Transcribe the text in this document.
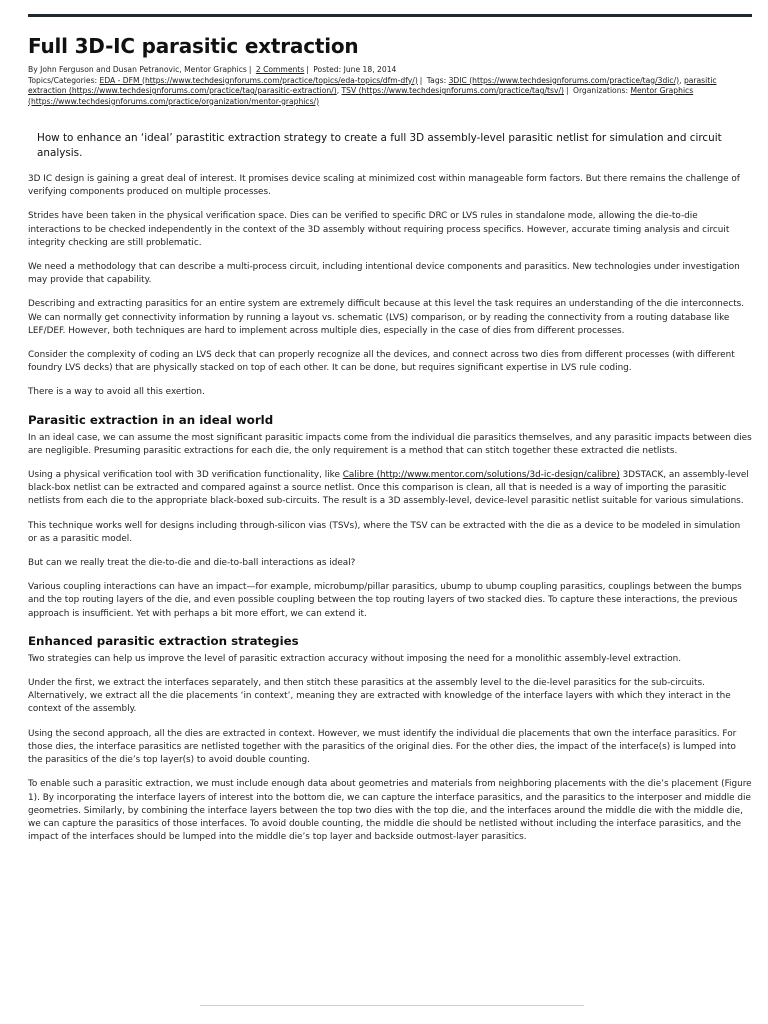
Full 3D-IC parasitic extraction
By John Ferguson and Dusan Petranovic, Mentor Graphics | 2 Comments | Posted: June 18, 2014
Topics/Categories: EDA - DFM (https://www.techdesignforums.com/practice/topics/eda-topics/dfm-dfy/) | Tags: 3DIC (https://www.techdesignforums.com/practice/tag/3dic/), parasitic extraction (https://www.techdesignforums.com/practice/tag/parasitic-extraction/), TSV (https://www.techdesignforums.com/practice/tag/tsv/) | Organizations: Mentor Graphics (https://www.techdesignforums.com/practice/organization/mentor-graphics/)
How to enhance an ‘ideal’ parastitic extraction strategy to create a full 3D assembly-level parasitic netlist for simulation and circuit analysis.

3D IC design is gaining a great deal of interest. It promises device scaling at minimized cost within manageable form factors. But there remains the challenge of verifying components produced on multiple processes.

Strides have been taken in the physical verification space. Dies can be verified to specific DRC or LVS rules in standalone mode, allowing the die-to-die interactions to be checked independently in the context of the 3D assembly without requiring process specifics. However, accurate timing analysis and circuit integrity checking are still problematic.

We need a methodology that can describe a multi-process circuit, including intentional device components and parasitics. New technologies under investigation may provide that capability.

Describing and extracting parasitics for an entire system are extremely difficult because at this level the task requires an understanding of the die interconnects. We can normally get connectivity information by running a layout vs. schematic (LVS) comparison, or by reading the connectivity from a routing database like LEF/DEF. However, both techniques are hard to implement across multiple dies, especially in the case of dies from different processes.

Consider the complexity of coding an LVS deck that can properly recognize all the devices, and connect across two dies from different processes (with different foundry LVS decks) that are physically stacked on top of each other. It can be done, but requires significant expertise in LVS rule coding.

There is a way to avoid all this exertion.

Parasitic extraction in an ideal world

In an ideal case, we can assume the most significant parasitic impacts come from the individual die parasitics themselves, and any parasitic impacts between dies are negligible. Presuming parasitic extractions for each die, the only requirement is a method that can stitch together these extracted die netlists.

Using a physical verification tool with 3D verification functionality, like Calibre (http://www.mentor.com/solutions/3d-ic-design/calibre) 3DSTACK, an assembly-level black-box netlist can be extracted and compared against a source netlist. Once this comparison is clean, all that is needed is a way of importing the parasitic netlists from each die to the appropriate black-boxed sub-circuits. The result is a 3D assembly-level, device-level parasitic netlist suitable for various simulations.

This technique works well for designs including through-silicon vias (TSVs), where the TSV can be extracted with the die as a device to be modeled in simulation or as a parasitic model.

But can we really treat the die-to-die and die-to-ball interactions as ideal?

Various coupling interactions can have an impact—for example, microbump/pillar parasitics, ubump to ubump coupling parasitics, couplings between the bumps and the top routing layers of the die, and even possible coupling between the top routing layers of two stacked dies. To capture these interactions, the previous approach is insufficient. Yet with perhaps a bit more effort, we can extend it.

Enhanced parasitic extraction strategies

Two strategies can help us improve the level of parasitic extraction accuracy without imposing the need for a monolithic assembly-level extraction.

Under the first, we extract the interfaces separately, and then stitch these parasitics at the assembly level to the die-level parasitics for the sub-circuits. Alternatively, we extract all the die placements ‘in context’, meaning they are extracted with knowledge of the interface layers with which they interact in the context of the assembly.

Using the second approach, all the dies are extracted in context. However, we must identify the individual die placements that own the interface parasitics. For those dies, the interface parasitics are netlisted together with the parasitics of the original dies. For the other dies, the impact of the interface(s) is lumped into the parasitics of the die’s top layer(s) to avoid double counting.

To enable such a parasitic extraction, we must include enough data about geometries and materials from neighboring placements with the die’s placement (Figure 1). By incorporating the interface layers of interest into the bottom die, we can capture the interface parasitics, and the parasitics to the interposer and middle die geometries. Similarly, by combining the interface layers between the top two dies with the top die, and the interfaces around the middle die with the middle die, we can capture the parasitics of those interfaces. To avoid double counting, the middle die should be netlisted without including the interface parasitics, and the impact of the interfaces should be lumped into the middle die’s top layer and backside outmost-layer parasitics.
